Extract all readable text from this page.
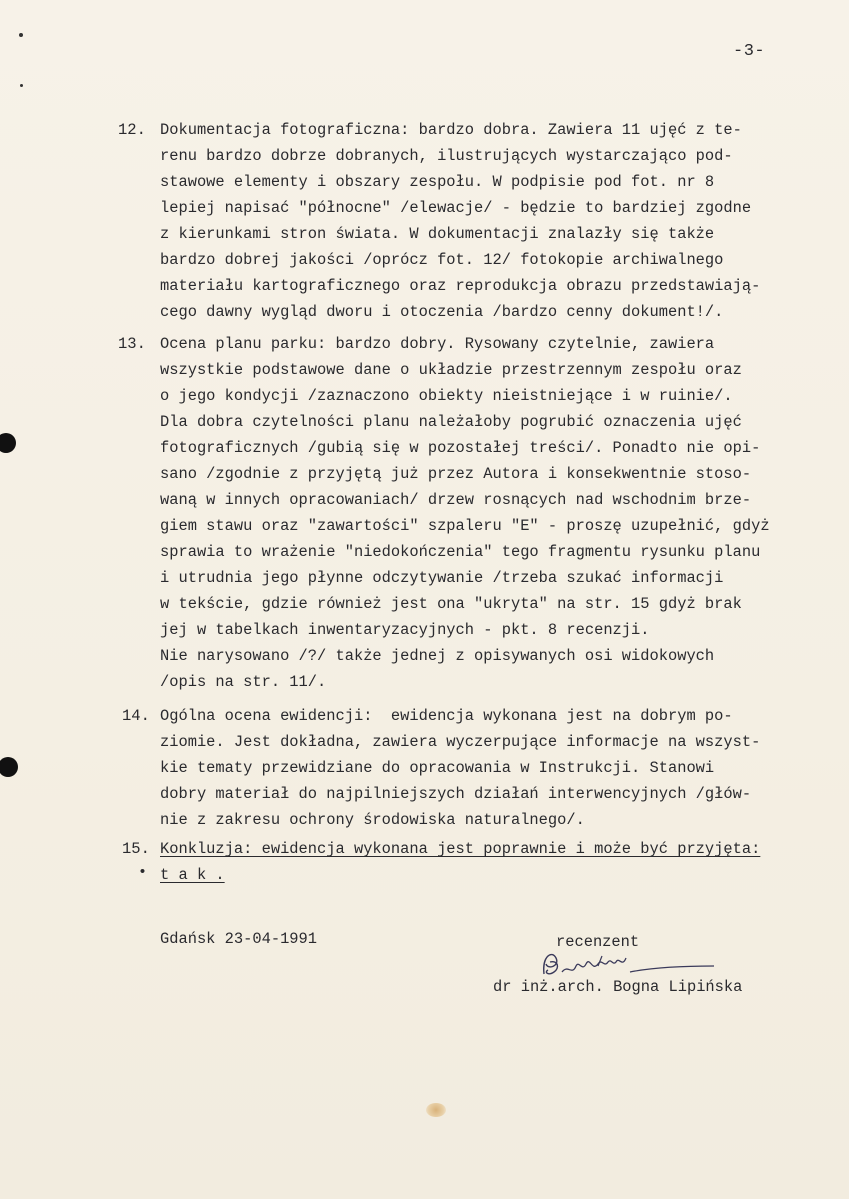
-3-
12. Dokumentacja fotograficzna: bardzo dobra. Zawiera 11 ujęć z te-
renu bardzo dobrze dobranych, ilustrujących wystarczająco pod-
stawowe elementy i obszary zespołu. W podpisie pod fot. nr 8
lepiej napisać "północne" /elewacje/ - będzie to bardziej zgodne
z kierunkami stron świata. W dokumentacji znalazły się także
bardzo dobrej jakości /oprócz fot. 12/ fotokopie archiwalnego
materiału kartograficznego oraz reprodukcja obrazu przedstawiają-
cego dawny wygląd dworu i otoczenia /bardzo cenny dokument!/.
13. Ocena planu parku: bardzo dobry. Rysowany czytelnie, zawiera
wszystkie podstawowe dane o układzie przestrzennym zespołu oraz
o jego kondycji /zaznaczono obiekty nieistniejące i w ruinie/.
Dla dobra czytelności planu należałoby pogrubić oznaczenia ujęć
fotograficznych /gubią się w pozostałej treści/. Ponadto nie opi-
sano /zgodnie z przyjętą już przez Autora i konsekwentnie stoso-
waną w innych opracowaniach/ drzew rosnących nad wschodnim brze-
giem stawu oraz "zawartości" szpaleru "E" - proszę uzupełnić, gdyż
sprawia to wrażenie "niedokończenia" tego fragmentu rysunku planu
i utrudnia jego płynne odczytywanie /trzeba szukać informacji
w tekście, gdzie również jest ona "ukryta" na str. 15 gdyż brak
jej w tabelkach inwentaryzacyjnych - pkt. 8 recenzji.
Nie narysowano /?/ także jednej z opisywanych osi widokowych
/opis na str. 11/.
14. Ogólna ocena ewidencji:  ewidencja wykonana jest na dobrym po-
ziomie. Jest dokładna, zawiera wyczerpujące informacje na wszyst-
kie tematy przewidziane do opracowania w Instrukcji. Stanowi
dobry materiał do najpilniejszych działań interwencyjnych /głów-
nie z zakresu ochrony środowiska naturalnego/.
15.
•
Konkluzja: ewidencja wykonana jest poprawnie i może być przyjęta:
t a k .
Gdańsk 23-04-1991	recenzent
dr inż.arch. Bogna Lipińska
